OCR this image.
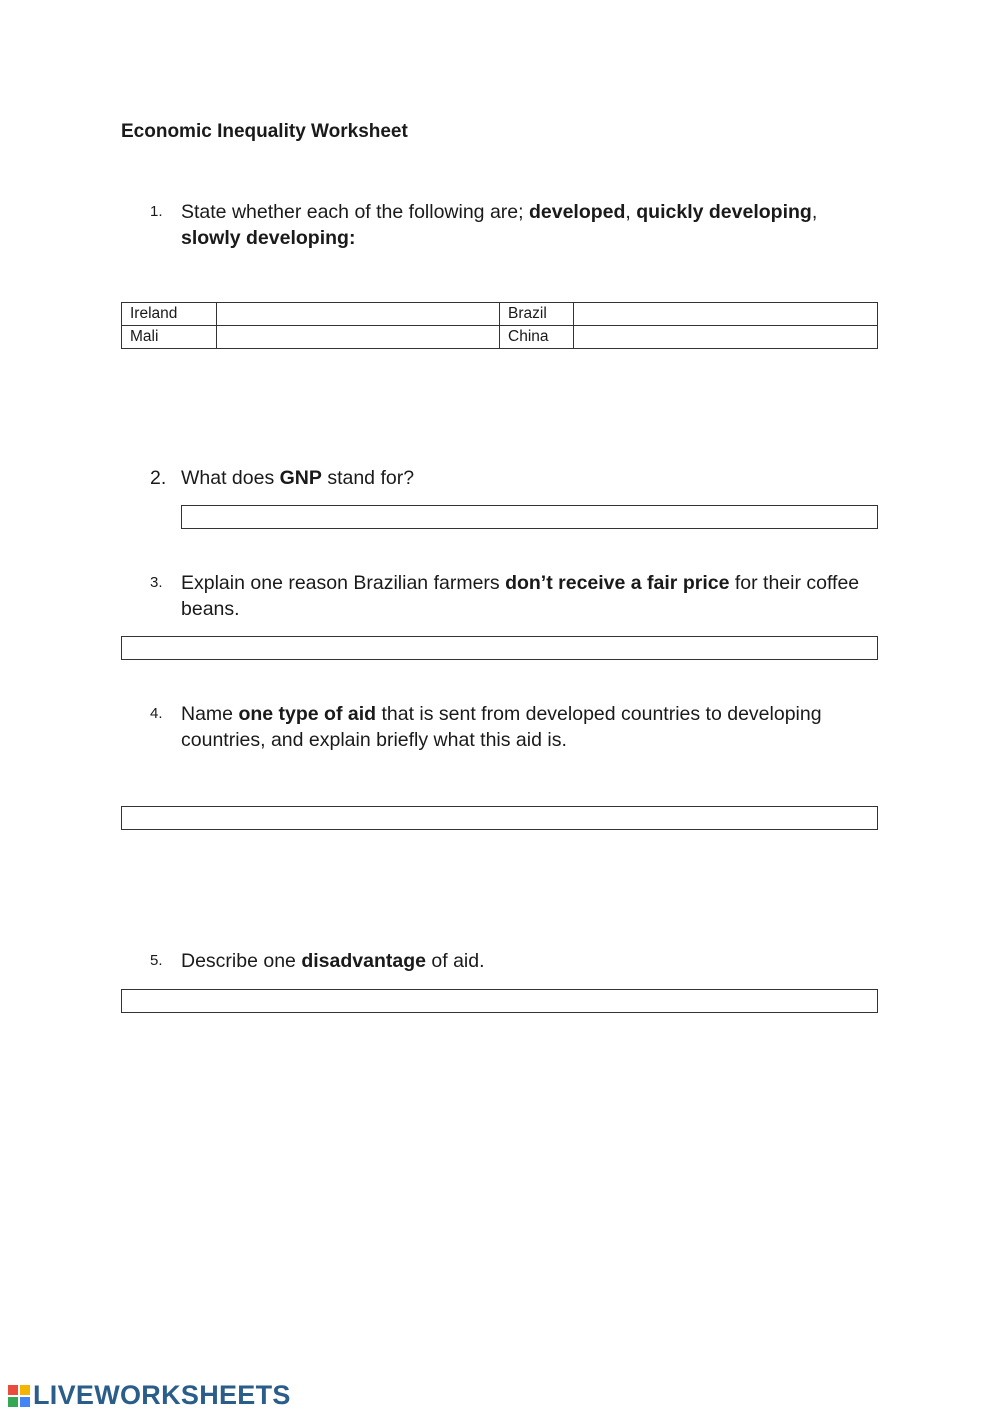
Economic Inequality Worksheet
1. State whether each of the following are; developed, quickly developing,
slowly developing:
Ireland		Brazil	
Mali		China	
2. What does GNP stand for?
3. Explain one reason Brazilian farmers don’t receive a fair price for their coffee beans.
4. Name one type of aid that is sent from developed countries to developing countries, and explain briefly what this aid is.
5. Describe one disadvantage of aid.
LIVEWORKSHEETS
